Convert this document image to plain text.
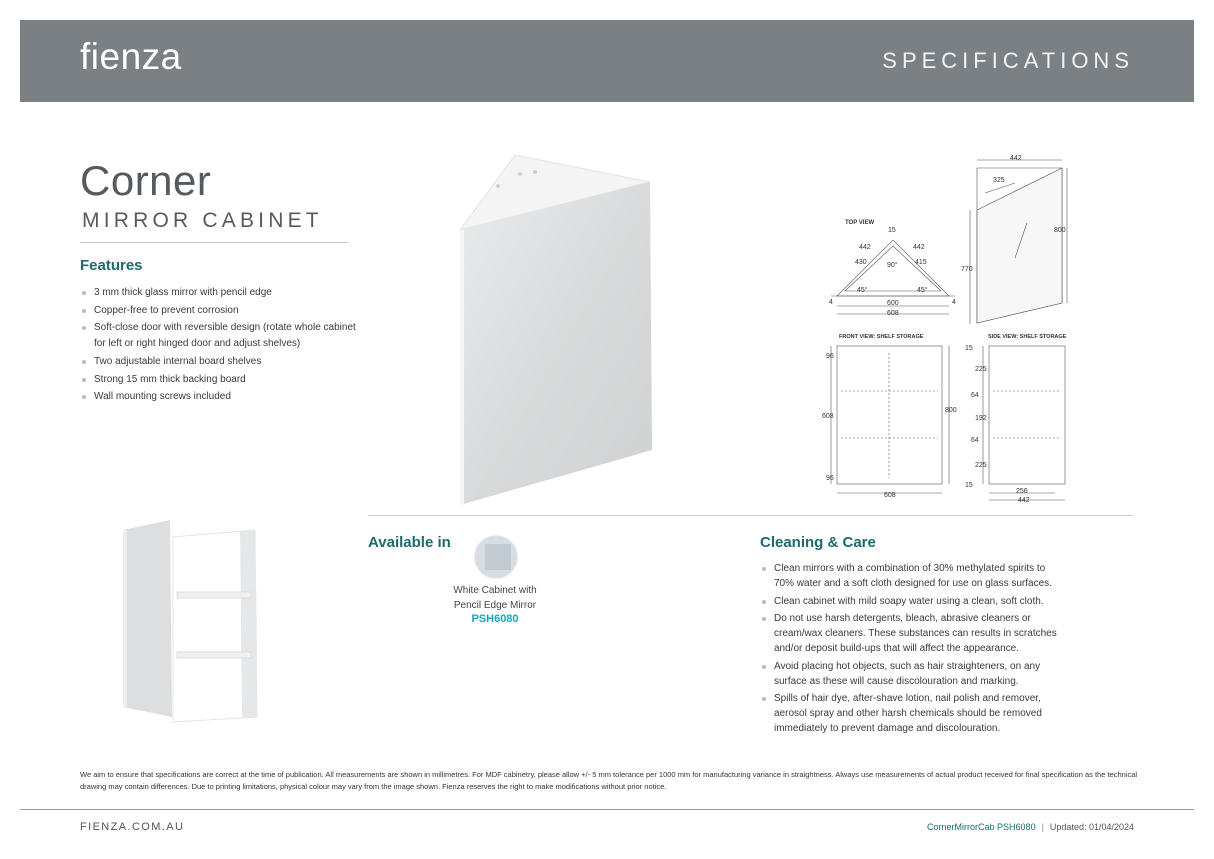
fienza	SPECIFICATIONS
Corner
MIRROR CABINET
Features
3 mm thick glass mirror with pencil edge
Copper-free to prevent corrosion
Soft-close door with reversible design (rotate whole cabinet for left or right hinged door and adjust shelves)
Two adjustable internal board shelves
Strong 15 mm thick backing board
Wall mounting screws included
TOP VIEW
15
442	442
430	415
90°
45°	45°
4	4
600
608
442
325
800
770
FRONT VIEW: SHELF STORAGE
96
608
96
800
608
SIDE VIEW: SHELF STORAGE
15
225
64
192
64
225
15
256
442
Available in
White Cabinet with
Pencil Edge Mirror
PSH6080
Cleaning & Care
Clean mirrors with a combination of 30% methylated spirits to 70% water and a soft cloth designed for use on glass surfaces.
Clean cabinet with mild soapy water using a clean, soft cloth.
Do not use harsh detergents, bleach, abrasive cleaners or cream/wax cleaners. These substances can results in scratches and/or deposit build-ups that will affect the appearance.
Avoid placing hot objects, such as hair straighteners, on any surface as these will cause discolouration and marking.
Spills of hair dye, after-shave lotion, nail polish and remover, aerosol spray and other harsh chemicals should be removed immediately to prevent damage and discolouration.
We aim to ensure that specifications are correct at the time of publication. All measurements are shown in millimetres. For MDF cabinetry, please allow +/- 5 mm tolerance per 1000 mm for manufacturing variance in straightness. Always use measurements of actual product received for final specification as the technical drawing may contain differences. Due to printing limitations, physical colour may vary from the image shown. Fienza reserves the right to make modifications without prior notice.
FIENZA.COM.AU	CornerMirrorCab PSH6080 | Updated: 01/04/2024
